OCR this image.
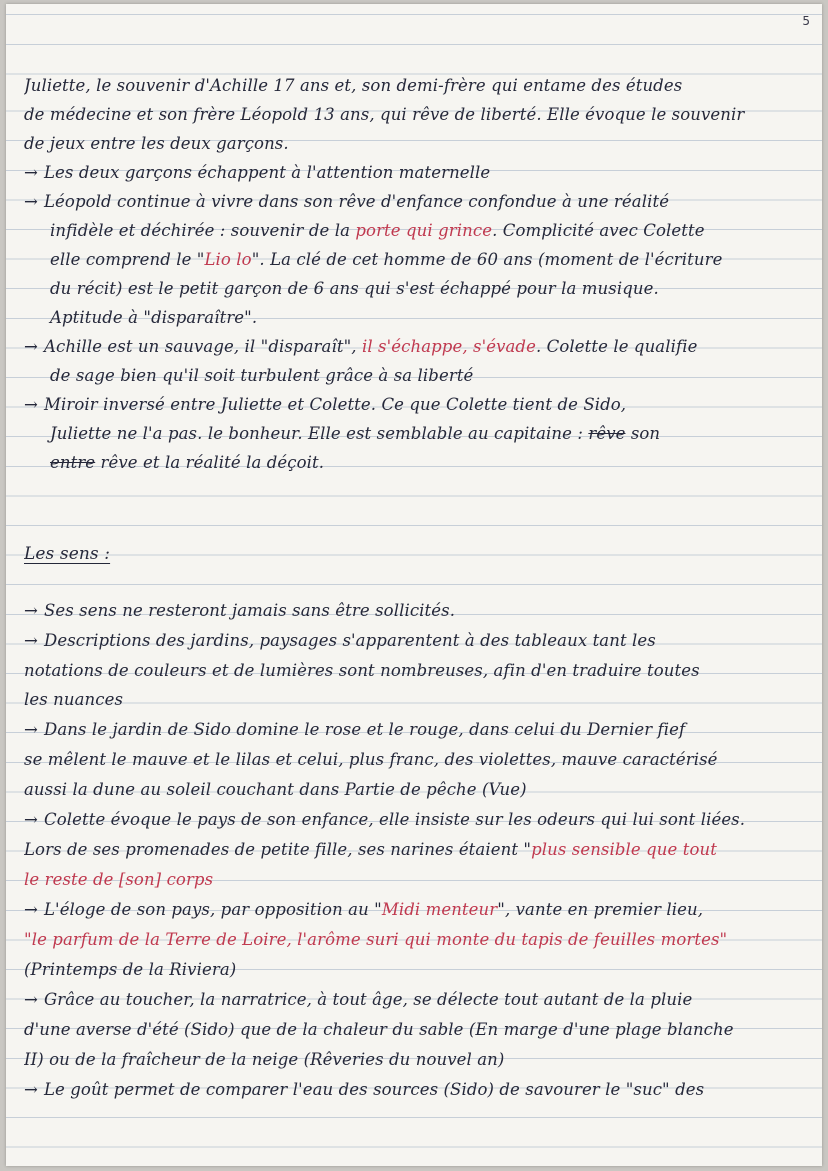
5
Juliette, le souvenir d'Achille 17 ans et, son demi-frère qui entame des études
de médecine et son frère Léopold 13 ans, qui rêve de liberté. Elle évoque le souvenir
de jeux entre les deux garçons.
→ Les deux garçons échappent à l'attention maternelle
→ Léopold continue à vivre dans son rêve d'enfance confondue à une réalité
infidèle et déchirée : souvenir de la porte qui grince. Complicité avec Colette
elle comprend le "Lio lo". La clé de cet homme de 60 ans (moment de l'écriture
du récit) est le petit garçon de 6 ans qui s'est échappé pour la musique.
Aptitude à "disparaître".
→ Achille est un sauvage, il "disparaît", il s'échappe, s'évade. Colette le qualifie
de sage bien qu'il soit turbulent grâce à sa liberté
→ Miroir inversé entre Juliette et Colette. Ce que Colette tient de Sido,
Juliette ne l'a pas. le bonheur. Elle est semblable au capitaine : rêve son
entre rêve et la réalité la déçoit.
Les sens :
→ Ses sens ne resteront jamais sans être sollicités.
→ Descriptions des jardins, paysages s'apparentent à des tableaux tant les
notations de couleurs et de lumières sont nombreuses, afin d'en traduire toutes
les nuances
→ Dans le jardin de Sido domine le rose et le rouge, dans celui du Dernier fief
se mêlent le mauve et le lilas et celui, plus franc, des violettes, mauve caractérisé
aussi la dune au soleil couchant dans Partie de pêche (Vue)
→ Colette évoque le pays de son enfance, elle insiste sur les odeurs qui lui sont liées.
Lors de ses promenades de petite fille, ses narines étaient "plus sensible que tout
le reste de [son] corps
→ L'éloge de son pays, par opposition au "Midi menteur", vante en premier lieu,
"le parfum de la Terre de Loire, l'arôme suri qui monte du tapis de feuilles mortes"
(Printemps de la Riviera)
→ Grâce au toucher, la narratrice, à tout âge, se délecte tout autant de la pluie
d'une averse d'été (Sido) que de la chaleur du sable (En marge d'une plage blanche
II) ou de la fraîcheur de la neige (Rêveries du nouvel an)
→ Le goût permet de comparer l'eau des sources (Sido) de savourer le "suc" des
